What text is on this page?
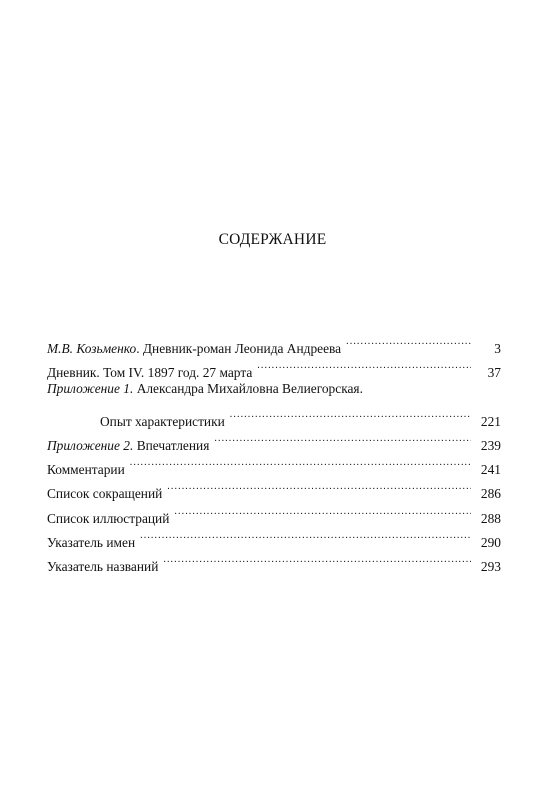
СОДЕРЖАНИЕ
М.В. Козьменко. Дневник-роман Леонида Андреева .....	3
Дневник. Том IV. 1897 год. 27 марта .....	37
Приложение 1. Александра Михайловна Велиегорская.
Опыт характеристики .....	221
Приложение 2. Впечатления .....	239
Комментарии .....	241
Список сокращений .....	286
Список иллюстраций .....	288
Указатель имен .....	290
Указатель названий .....	293
